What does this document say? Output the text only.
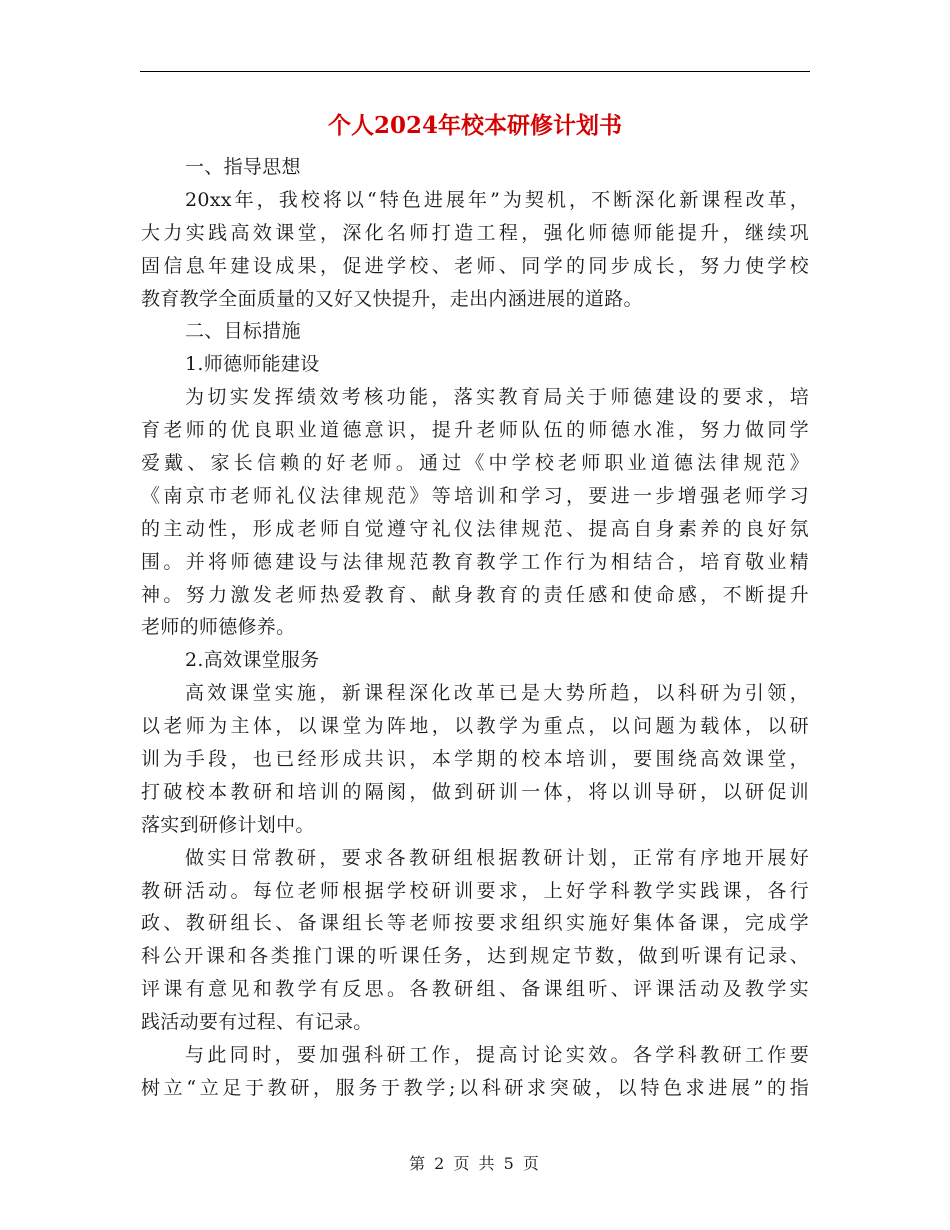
个人2024年校本研修计划书
一、指导思想
20xx年，我校将以“特色进展年”为契机，不断深化新课程改革，
大力实践高效课堂，深化名师打造工程，强化师德师能提升，继续巩
固信息年建设成果，促进学校、老师、同学的同步成长，努力使学校
教育教学全面质量的又好又快提升，走出内涵进展的道路。
二、目标措施
1.师德师能建设
为切实发挥绩效考核功能，落实教育局关于师德建设的要求，培
育老师的优良职业道德意识，提升老师队伍的师德水准，努力做同学
爱戴、家长信赖的好老师。通过《中学校老师职业道德法律规范》
《南京市老师礼仪法律规范》等培训和学习，要进一步增强老师学习
的主动性，形成老师自觉遵守礼仪法律规范、提高自身素养的良好氛
围。并将师德建设与法律规范教育教学工作行为相结合，培育敬业精
神。努力激发老师热爱教育、献身教育的责任感和使命感，不断提升
老师的师德修养。
2.高效课堂服务
高效课堂实施，新课程深化改革已是大势所趋，以科研为引领，
以老师为主体，以课堂为阵地，以教学为重点，以问题为载体，以研
训为手段，也已经形成共识，本学期的校本培训，要围绕高效课堂，
打破校本教研和培训的隔阂，做到研训一体，将以训导研，以研促训
落实到研修计划中。
做实日常教研，要求各教研组根据教研计划，正常有序地开展好
教研活动。每位老师根据学校研训要求，上好学科教学实践课，各行
政、教研组长、备课组长等老师按要求组织实施好集体备课，完成学
科公开课和各类推门课的听课任务，达到规定节数，做到听课有记录、
评课有意见和教学有反思。各教研组、备课组听、评课活动及教学实
践活动要有过程、有记录。
与此同时，要加强科研工作，提高讨论实效。各学科教研工作要
树立“立足于教研，服务于教学;以科研求突破，以特色求进展”的指
第 2 页 共 5 页
